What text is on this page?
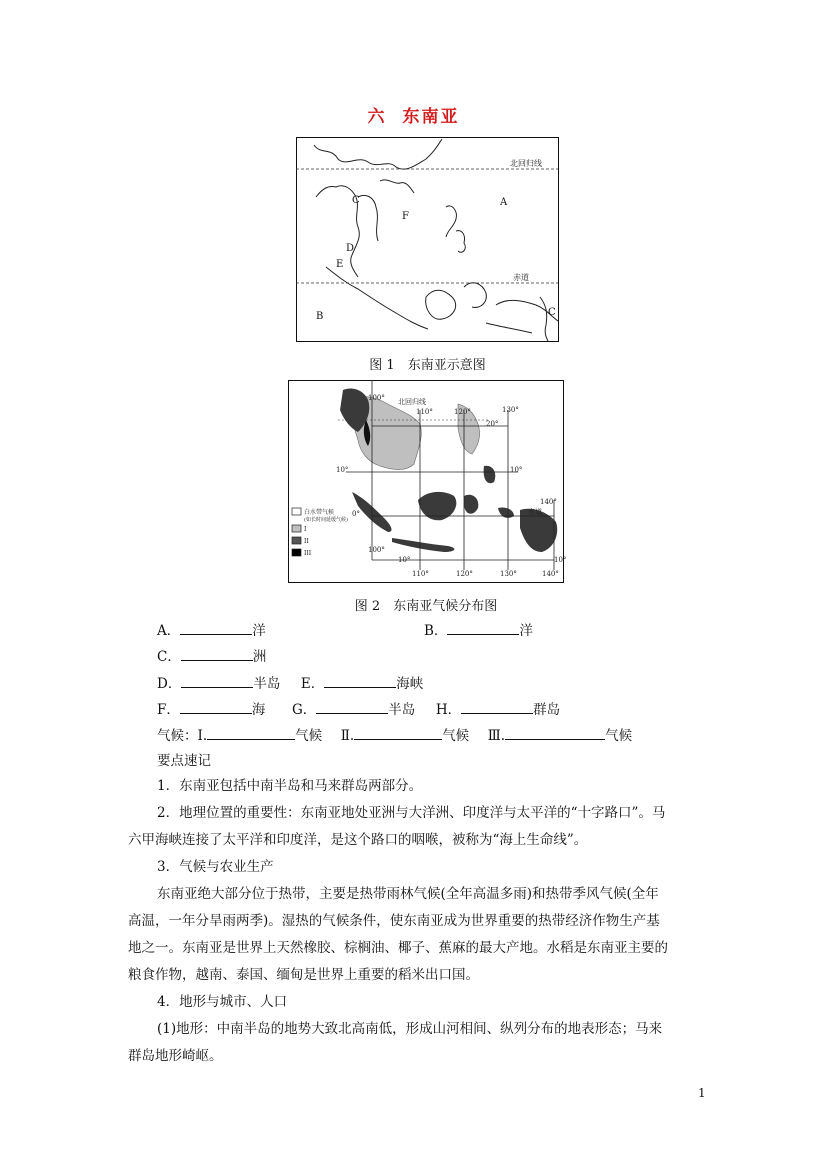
六 东南亚
北回归线
赤道
A
B	C
C
D
E
F
图 1　东南亚示意图
北回归线
赤道
100°
110°	120°	130°
20°
10°	10°
0°
140°
100°
10°	10°
110°	120°	130°	140°
白水带气候
(如长时间延缓气候)
I
II
III
图 2　东南亚气候分布图
A．	洋	B．	洋
C．	洲
D．	半岛 E．	海峡
F．	海 G．	半岛 H．	群岛
气候：Ⅰ.	气候 Ⅱ.	气候 Ⅲ.	气候
要点速记
1．东南亚包括中南半岛和马来群岛两部分。
2．地理位置的重要性：东南亚地处亚洲与大洋洲、印度洋与太平洋的“十字路口”。马
六甲海峡连接了太平洋和印度洋，是这个路口的咽喉，被称为“海上生命线”。
3．气候与农业生产
东南亚绝大部分位于热带，主要是热带雨林气候(全年高温多雨)和热带季风气候(全年
高温，一年分旱雨两季)。湿热的气候条件，使东南亚成为世界重要的热带经济作物生产基
地之一。东南亚是世界上天然橡胶、棕榈油、椰子、蕉麻的最大产地。水稻是东南亚主要的
粮食作物，越南、泰国、缅甸是世界上重要的稻米出口国。
4．地形与城市、人口
(1)地形：中南半岛的地势大致北高南低，形成山河相间、纵列分布的地表形态；马来
群岛地形崎岖。
1
